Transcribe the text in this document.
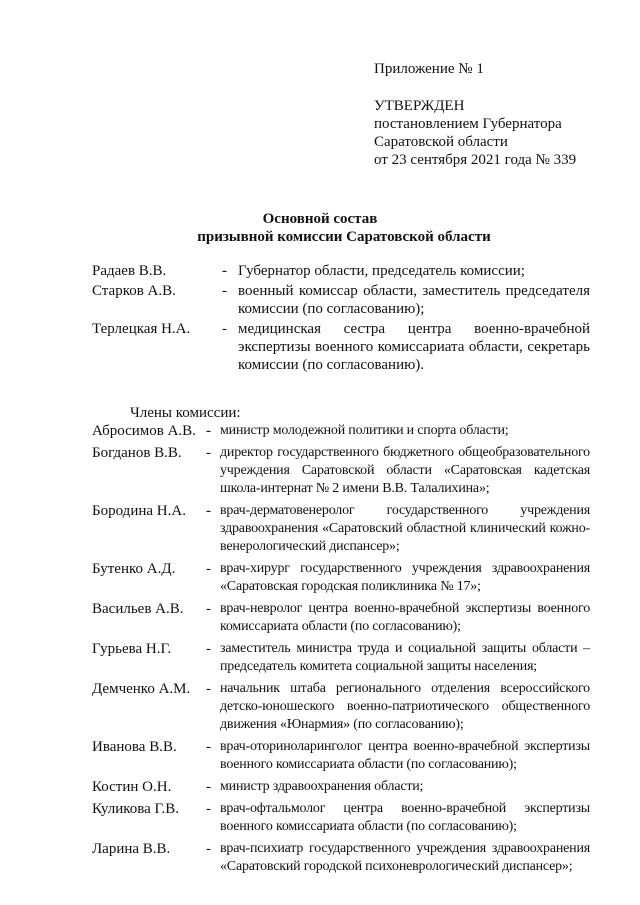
Приложение № 1
УТВЕРЖДЕН
постановлением Губернатора
Саратовской области
от 23 сентября 2021 года № 339
Основной состав
призывной комиссии Саратовской области
Радаев В.В.	- Губернатор области, председатель комиссии;
Старков А.В.	- военный комиссар области, заместитель председателя комиссии (по согласованию);
Терлецкая Н.А.	- медицинская сестра центра военно-врачебной экспертизы военного комиссариата области, секретарь комиссии (по согласованию).
Члены комиссии:
Абросимов А.В. - министр молодежной политики и спорта области;
Богданов В.В.	- директор государственного бюджетного общеобразовательного учреждения Саратовской области «Саратовская кадетская школа-интернат № 2 имени В.В. Талалихина»;
Бородина Н.А.	- врач-дерматовенеролог государственного учреждения здравоохранения «Саратовский областной клинический кожно-венерологический диспансер»;
Бутенко А.Д.	- врач-хирург государственного учреждения здравоохранения «Саратовская городская поликлиника № 17»;
Васильев А.В.	- врач-невролог центра военно-врачебной экспертизы военного комиссариата области (по согласованию);
Гурьева Н.Г.	- заместитель министра труда и социальной защиты области – председатель комитета социальной защиты населения;
Демченко А.М.	- начальник штаба регионального отделения всероссийского детско-юношеского военно-патриотического общественного движения «Юнармия» (по согласованию);
Иванова В.В.	- врач-оториноларинголог центра военно-врачебной экспертизы военного комиссариата области (по согласованию);
Костин О.Н.	- министр здравоохранения области;
Куликова Г.В.	- врач-офтальмолог центра военно-врачебной экспертизы военного комиссариата области (по согласованию);
Ларина В.В.	- врач-психиатр государственного учреждения здравоохранения «Саратовский городской психоневрологический диспансер»;
